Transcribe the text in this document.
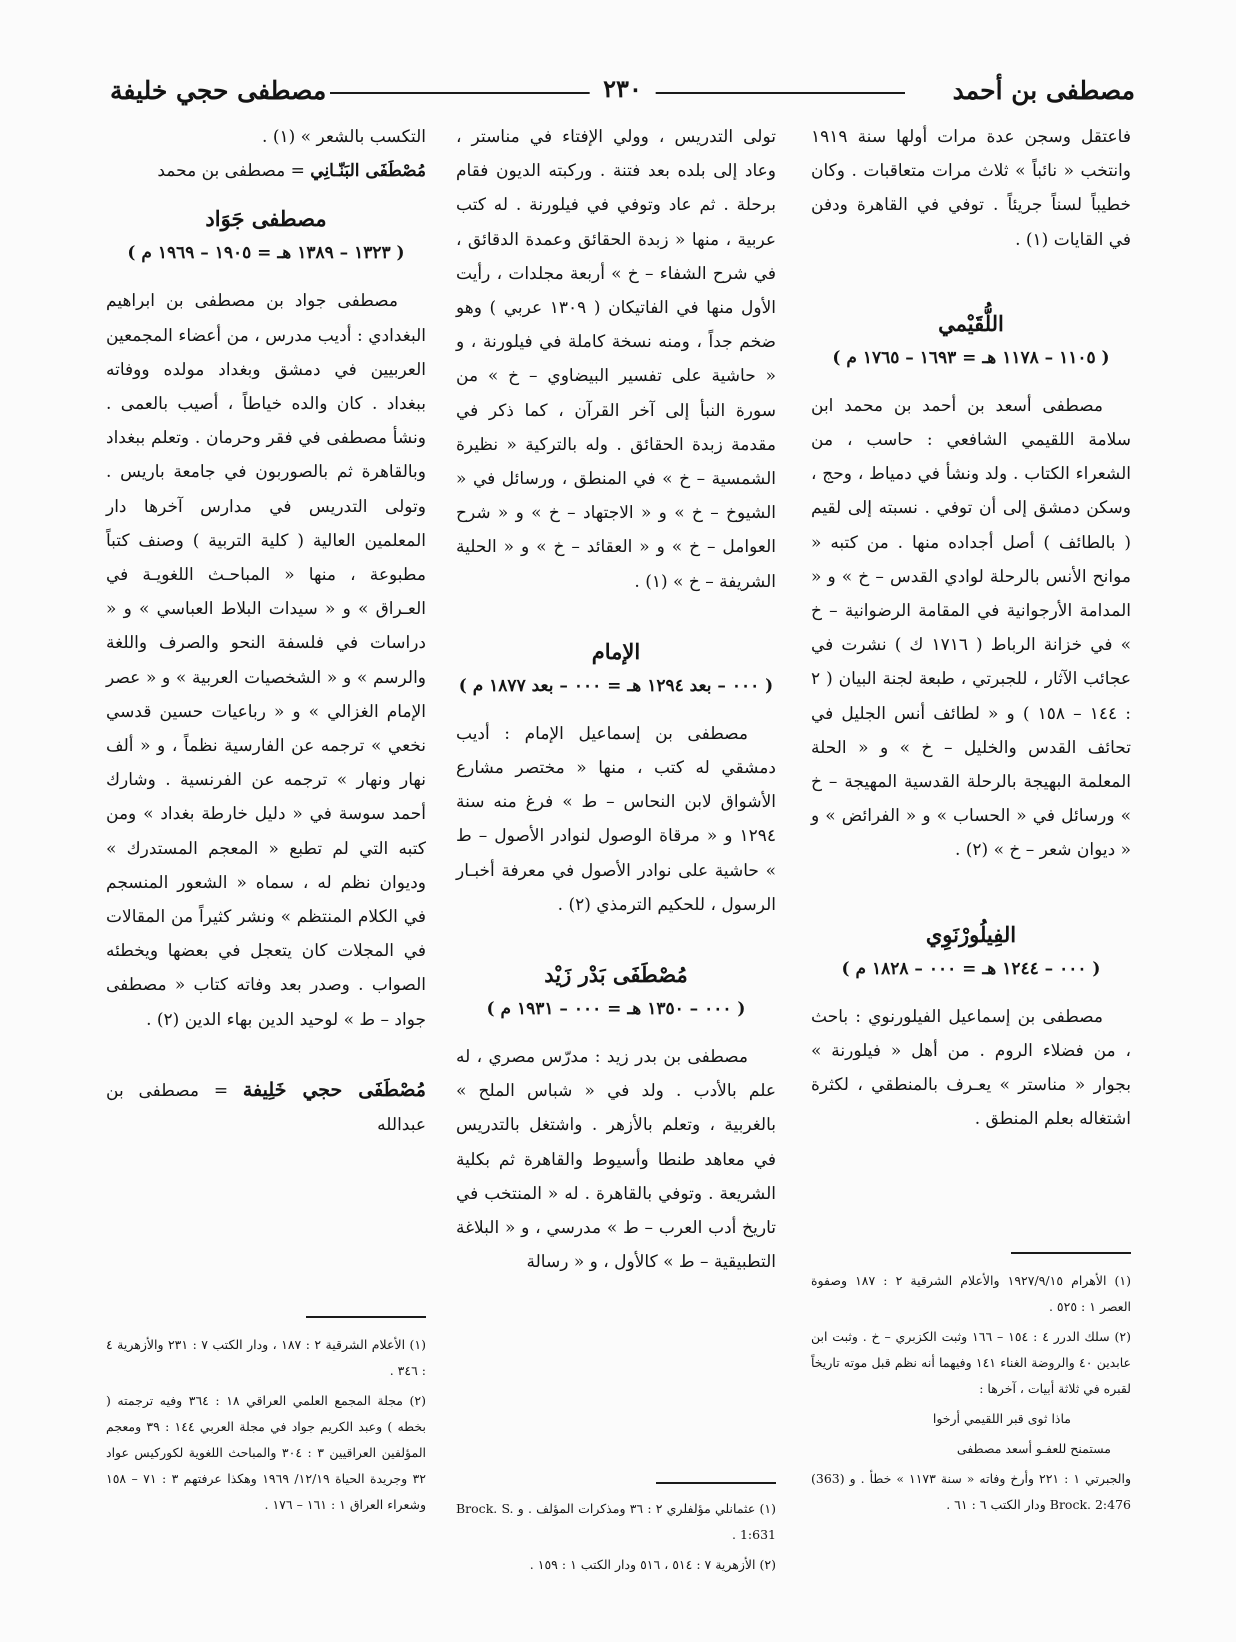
مصطفى بن أحمد
٢٣٠
مصطفى حجي خليفة

فاعتقل وسجن عدة مرات أولها سنة ١٩١٩ وانتخب « نائباً » ثلاث مرات متعاقبات . وكان خطيباً لسناً جريئاً . توفي في القاهرة ودفن في القايات (١) .

اللُّقَيْمي
( ١١٠٥ – ١١٧٨ هـ = ١٦٩٣ – ١٧٦٥ م )

مصطفى أسعد بن أحمد بن محمد ابن سلامة اللقيمي الشافعي : حاسب ، من الشعراء الكتاب . ولد ونشأ في دمياط ، وحج ، وسكن دمشق إلى أن توفي . نسبته إلى لقيم ( بالطائف ) أصل أجداده منها . من كتبه « موانح الأنس بالرحلة لوادي القدس – خ » و « المدامة الأرجوانية في المقامة الرضوانية – خ » في خزانة الرباط ( ١٧١٦ ك ) نشرت في عجائب الآثار ، للجبرتي ، طبعة لجنة البيان ( ٢ : ١٤٤ – ١٥٨ ) و « لطائف أنس الجليل في تحائف القدس والخليل – خ » و « الحلة المعلمة البهيجة بالرحلة القدسية المهيجة – خ » ورسائل في « الحساب » و « الفرائض » و « ديوان شعر – خ » (٢) .

الفِيلُورْنَوِي
( ٠٠٠ – ١٢٤٤ هـ = ٠٠٠ – ١٨٢٨ م )

مصطفى بن إسماعيل الفيلورنوي : باحث ، من فضلاء الروم . من أهل « فيلورنة » بجوار « مناستر » يعـرف بالمنطقي ، لكثرة اشتغاله بعلم المنطق .

(١) الأهرام ١٩٢٧/٩/١٥ والأعلام الشرقية ٢ : ١٨٧ وصفوة العصر ١ : ٥٢٥ .

(٢) سلك الدرر ٤ : ١٥٤ – ١٦٦ وثبت الكزبري – خ . وثبت ابن عابدين ٤٠ والروضة الغناء ١٤١ وفيهما أنه نظم قبل موته تاريخاً لقبره في ثلاثة أبيات ، آخرها :

ماذا ثوى قبر اللقيمي أرخوا

مستمنح للعفـو أسعد مصطفى

والجبرتي ١ : ٢٢١ وأرخ وفاته « سنة ١١٧٣ » خطأ . و (363) Brock. 2:476 ودار الكتب ٦ : ٦١ .

تولى التدريس ، وولي الإفتاء في مناستر ، وعاد إلى بلده بعد فتنة . وركبته الديون فقام برحلة . ثم عاد وتوفي في فيلورنة . له كتب عربية ، منها « زبدة الحقائق وعمدة الدقائق ، في شرح الشفاء – خ » أربعة مجلدات ، رأيت الأول منها في الفاتيكان ( ١٣٠٩ عربي ) وهو ضخم جداً ، ومنه نسخة كاملة في فيلورنة ، و « حاشية على تفسير البيضاوي – خ » من سورة النبأ إلى آخر القرآن ، كما ذكر في مقدمة زبدة الحقائق . وله بالتركية « نظيرة الشمسية – خ » في المنطق ، ورسائل في « الشيوخ – خ » و « الاجتهاد – خ » و « شرح العوامل – خ » و « العقائد – خ » و « الحلية الشريفة – خ » (١) .

الإمام
( ٠٠٠ – بعد ١٢٩٤ هـ = ٠٠٠ – بعد ١٨٧٧ م )

مصطفى بن إسماعيل الإمام : أديب دمشقي له كتب ، منها « مختصر مشارع الأشواق لابن النحاس – ط » فرغ منه سنة ١٢٩٤ و « مرقاة الوصول لنوادر الأصول – ط » حاشية على نوادر الأصول في معرفة أخبـار الرسول ، للحكيم الترمذي (٢) .

مُصْطَفَى بَدْر زَيْد
( ٠٠٠ – ١٣٥٠ هـ = ٠٠٠ – ١٩٣١ م )

مصطفى بن بدر زيد : مدرّس مصري ، له علم بالأدب . ولد في « شباس الملح » بالغربية ، وتعلم بالأزهر . واشتغل بالتدريس في معاهد طنطا وأسيوط والقاهرة ثم بكلية الشريعة . وتوفي بالقاهرة . له « المنتخب في تاريخ أدب العرب – ط » مدرسي ، و « البلاغة التطبيقية – ط » كالأول ، و « رسالة

(١) عثمانلي مؤلفلري ٢ : ٣٦ ومذكرات المؤلف . و Brock. S. 1:631 .

(٢) الأزهرية ٧ : ٥١٤ ، ٥١٦ ودار الكتب ١ : ١٥٩ .

التكسب بالشعر » (١) .

مُصْطَفَى البَنّـانِي = مصطفى بن محمد

مصطفى جَوَاد
( ١٣٢٣ – ١٣٨٩ هـ = ١٩٠٥ – ١٩٦٩ م )

مصطفى جواد بن مصطفى بن ابراهيم البغدادي : أديب مدرس ، من أعضاء المجمعين العربيين في دمشق وبغداد مولده ووفاته ببغداد . كان والده خياطاً ، أصيب بالعمى . ونشأ مصطفى في فقر وحرمان . وتعلم ببغداد وبالقاهرة ثم بالصوربون في جامعة باريس . وتولى التدريس في مدارس آخرها دار المعلمين العالية ( كلية التربية ) وصنف كتباً مطبوعة ، منها « المباحـث اللغويـة في العـراق » و « سيدات البلاط العباسي » و « دراسات في فلسفة النحو والصرف واللغة والرسم » و « الشخصيات العربية » و « عصر الإمام الغزالي » و « رباعيات حسين قدسي نخعي » ترجمه عن الفارسية نظماً ، و « ألف نهار ونهار » ترجمه عن الفرنسية . وشارك أحمد سوسة في « دليل خارطة بغداد » ومن كتبه التي لم تطبع « المعجم المستدرك » وديوان نظم له ، سماه « الشعور المنسجم في الكلام المنتظم » ونشر كثيراً من المقالات في المجلات كان يتعجل في بعضها ويخطئه الصواب . وصدر بعد وفاته كتاب « مصطفى جواد – ط » لوحيد الدين بهاء الدين (٢) .

مُصْطَفَى حجي خَلِيفة = مصطفى بن عبدالله

(١) الأعلام الشرقية ٢ : ١٨٧ ، ودار الكتب ٧ : ٢٣١ والأزهرية ٤ : ٣٤٦ .

(٢) مجلة المجمع العلمي العراقي ١٨ : ٣٦٤ وفيه ترجمته ( بخطه ) وعبد الكريم جواد في مجلة العربي ١٤٤ : ٣٩ ومعجم المؤلفين العراقيين ٣ : ٣٠٤ والمباحث اللغوية لكوركيس عواد ٣٢ وجريدة الحياة ١٢/١٩/ ١٩٦٩ وهكذا عرفتهم ٣ : ٧١ – ١٥٨ وشعراء العراق ١ : ١٦١ – ١٧٦ .
